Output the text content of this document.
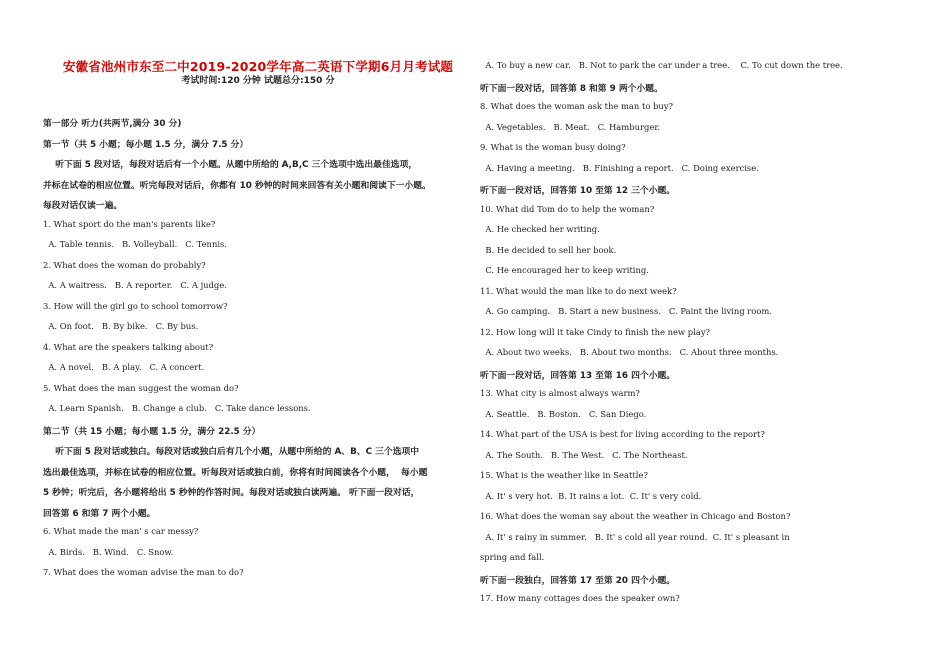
安徽省池州市东至二中2019-2020学年高二英语下学期6月月考试题
考试时间:120 分钟 试题总分:150 分
第一部分 听力(共两节,满分 30 分)
第一节（共 5 小题；每小题 1.5 分，满分 7.5 分）
听下面 5 段对话，每段对话后有一个小题。从题中所给的 A,B,C 三个选项中选出最佳选项，
并标在试卷的相应位置。听完每段对话后，你都有 10 秒钟的时间来回答有关小题和阅读下一小题。
每段对话仅读一遍。
1. What sport do the man's parents like?
A. Table tennis.   B. Volleyball.   C. Tennis.
2. What does the woman do probably?
A. A waitress.   B. A reporter.   C. A judge.
3. How will the girl go to school tomorrow?
A. On foot.   B. By bike.   C. By bus.
4. What are the speakers talking about?
A. A novel.   B. A play.   C. A concert.
5. What does the man suggest the woman do?
A. Learn Spanish.   B. Change a club.   C. Take dance lessons.
第二节（共 15 小题；每小题 1.5 分，满分 22.5 分）
听下面 5 段对话或独白。每段对话或独白后有几个小题，从题中所给的 A、B、C 三个选项中
选出最佳选项，并标在试卷的相应位置。听每段对话或独白前，你将有时间阅读各个小题，  每小题
5 秒钟；听完后，各小题将给出 5 秒钟的作答时间。每段对话或独白读两遍。 听下面一段对话，
回答第 6 和第 7 两个小题。
6. What made the man' s car messy?
A. Birds.   B. Wind.   C. Snow.
7. What does the woman advise the man to do?
A. To buy a new car.   B. Not to park the car under a tree.    C. To cut down the tree.
听下面一段对话，回答第 8 和第 9 两个小题。
8. What does the woman ask the man to buy?
A. Vegetables.   B. Meat.   C. Hamburger.
9. What is the woman busy doing?
A. Having a meeting.   B. Finishing a report.   C. Doing exercise.
听下面一段对话，回答第 10 至第 12 三个小题。
10. What did Tom do to help the woman?
A. He checked her writing.
B. He decided to sell her book.
C. He encouraged her to keep writing.
11. What would the man like to do next week?
A. Go camping.   B. Start a new business.   C. Paint the living room.
12. How long will it take Cindy to finish the new play?
A. About two weeks.   B. About two months.   C. About three months.
听下面一段对话，回答第 13 至第 16 四个小题。
13. What city is almost always warm?
A. Seattle.   B. Boston.   C. San Diego.
14. What part of the USA is best for living according to the report?
A. The South.   B. The West.   C. The Northeast.
15. What is the weather like in Seattle?
A. It' s very hot.  B. It rains a lot.  C. It' s very cold.
16. What does the woman say about the weather in Chicago and Boston?
A. It' s rainy in summer.   B. It' s cold all year round.  C. It' s pleasant in
spring and fall.
听下面一段独白，回答第 17 至第 20 四个小题。
17. How many cottages does the speaker own?
